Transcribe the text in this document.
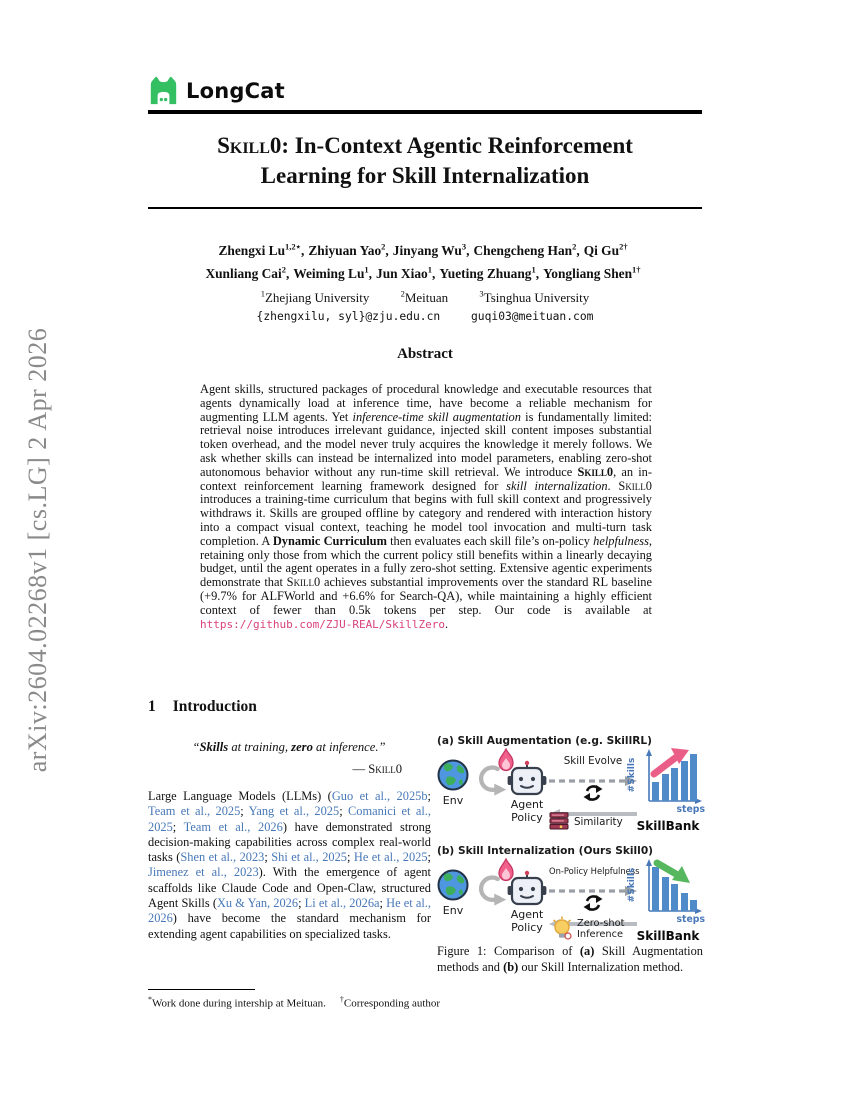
arXiv:2604.02268v1 [cs.LG] 2 Apr 2026
LongCat
Skill0: In-Context Agentic Reinforcement
Learning for Skill Internalization
Zhengxi $Lu^{1,2⋆}$, Zhiyuan Yao$^2$, Jinyang Wu$^3$, Chengcheng Han$^2$, Qi $Gu^{2\dagger}$
Xunliang Cai$^2$, Weiming Lu$^1$, Jun Xiao$^1$, Yueting Zhuang$^1$, Yongliang Shen$^{1\dagger}$
$^1$Zhejiang University	$^2$Meituan	$^3$Tsinghua University
{zhengxilu, syl}@zju.edu.cn	guqi03@meituan.com
Abstract
Agent skills, structured packages of procedural knowledge and executable resources that agents dynamically load at inference time, have become a reliable mechanism for augmenting LLM agents. Yet inference-time skill augmentation is fundamentally limited: retrieval noise introduces irrelevant guidance, injected skill content imposes substantial token overhead, and the model never truly acquires the knowledge it merely follows. We ask whether skills can instead be internalized into model parameters, enabling zero-shot autonomous behavior without any run-time skill retrieval. We introduce Skill0, an in-context reinforcement learning framework designed for skill internalization. Skill0 introduces a training-time curriculum that begins with full skill context and progressively withdraws it. Skills are grouped offline by category and rendered with interaction history into a compact visual context, teaching he model tool invocation and multi-turn task completion. A Dynamic Curriculum then evaluates each skill file’s on-policy helpfulness, retaining only those from which the current policy still benefits within a linearly decaying budget, until the agent operates in a fully zero-shot setting. Extensive agentic experiments demonstrate that Skill0 achieves substantial improvements over the standard RL baseline (+9.7% for ALFWorld and +6.6% for Search-QA), while maintaining a highly efficient context of fewer than 0.5k tokens per step. Our code is available at https://github.com/ZJU-REAL/SkillZero.
1 Introduction
“Skills at training, zero at inference.”
— Skill0
Large Language Models (LLMs) (Guo et al., 2025b; Team et al., 2025; Yang et al., 2025; Comanici et al., 2025; Team et al., 2026) have demonstrated strong decision-making capabilities across complex real-world tasks (Shen et al., 2023; Shi et al., 2025; He et al., 2025; Jimenez et al., 2023). With the emergence of agent scaffolds like Claude Code and Open-Claw, structured Agent Skills (Xu & Yan, 2026; Li et al., 2026a; He et al., 2026) have become the standard mechanism for extending agent capabilities on specialized tasks.
(a) Skill Augmentation (e.g. SkillRL)
Env	Agent
Policy
Skill Evolve
Similarity
#Skills
steps
SkillBank
(b) Skill Internalization (Ours Skill0)
Env	Agent
Policy
On-Policy Helpfulness
Zero-shot
Inference
#Skills
steps
SkillBank
Figure 1: Comparison of (a) Skill Augmentation methods and (b) our Skill Internalization method.
*Work done during intership at Meituan. †Corresponding author
